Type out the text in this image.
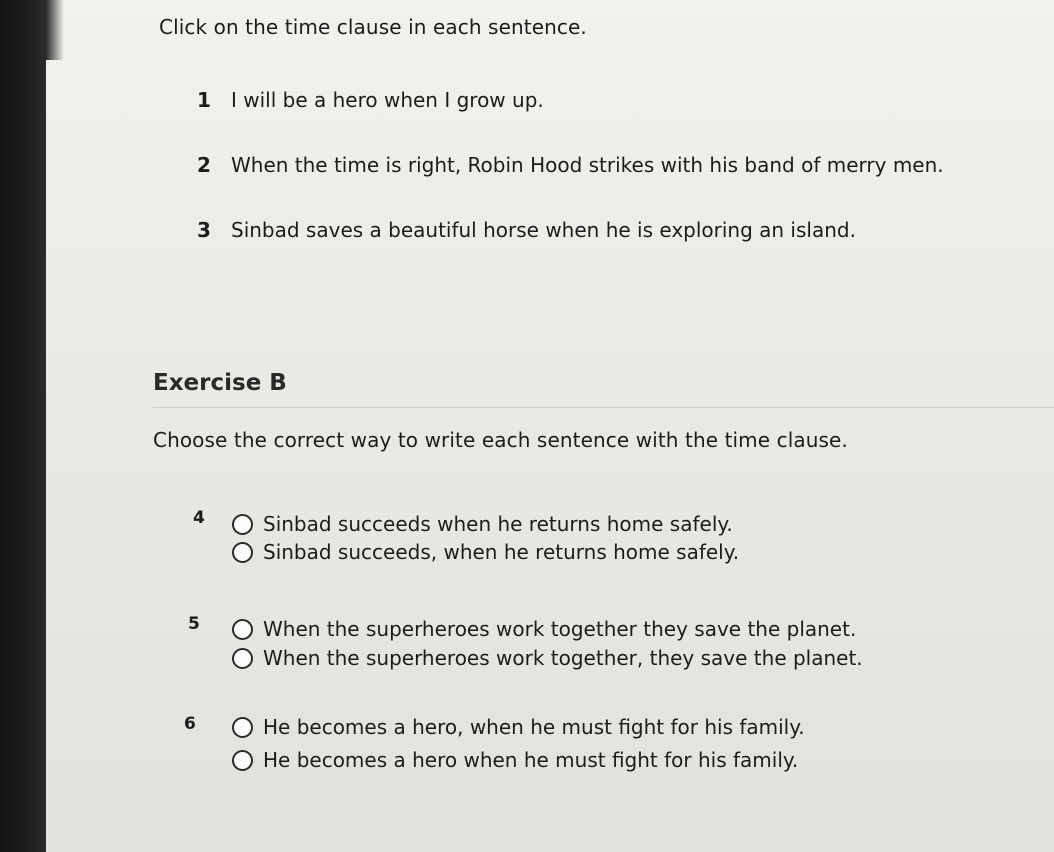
Click on the time clause in each sentence.
1	I will be a hero when I grow up.
2	When the time is right, Robin Hood strikes with his band of merry men.
3	Sinbad saves a beautiful horse when he is exploring an island.
Exercise B
Choose the correct way to write each sentence with the time clause.
4	Sinbad succeeds when he returns home safely.
Sinbad succeeds, when he returns home safely.
5	When the superheroes work together they save the planet.
When the superheroes work together, they save the planet.
6	He becomes a hero, when he must fight for his family.
He becomes a hero when he must fight for his family.
